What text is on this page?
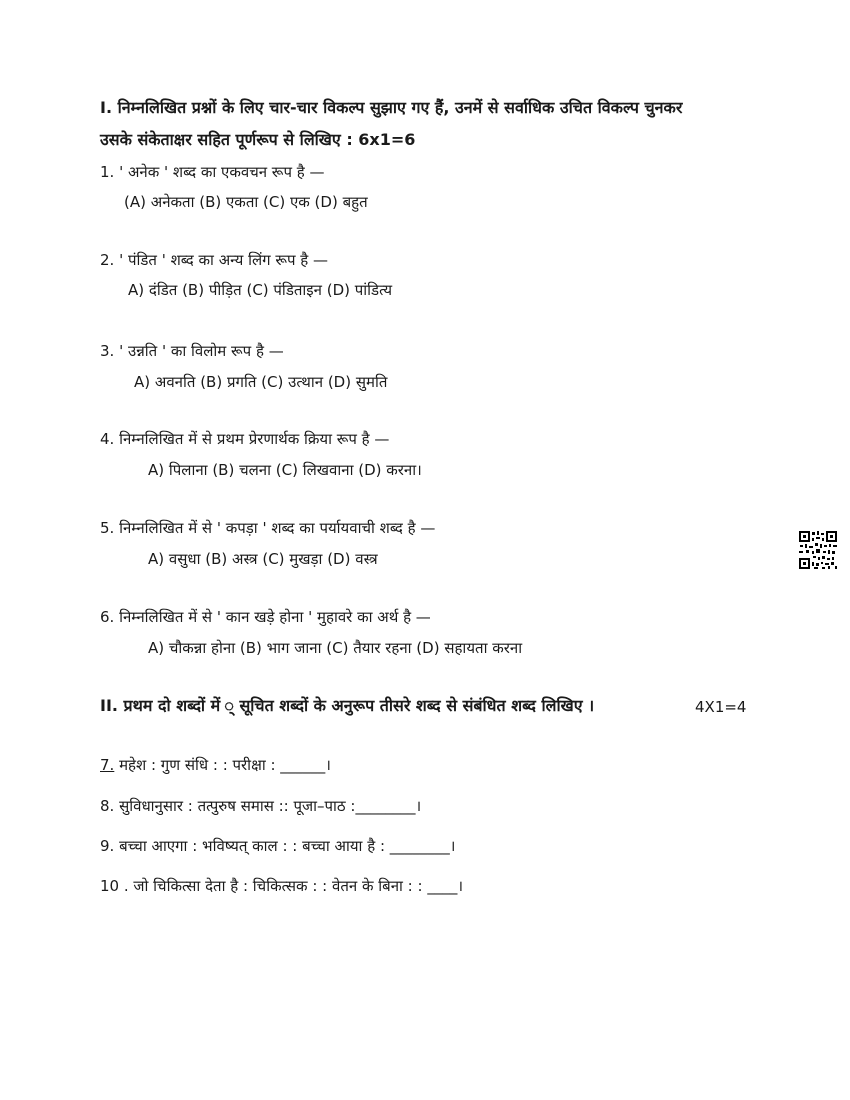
I. निम्नलिखित प्रश्नों के लिए चार-चार विकल्प सुझाए गए हैं, उनमें से सर्वाधिक उचित विकल्प चुनकर
उसके संकेताक्षर सहित पूर्णरूप से लिखिए : 6x1=6
1. ' अनेक ' शब्द का एकवचन रूप है —
(A) अनेकता (B) एकता (C) एक (D) बहुत
2. ' पंडित ' शब्द का अन्य लिंग रूप है —
A) दंडित (B) पीड़ित (C) पंडिताइन (D) पांडित्य
3. ' उन्नति ' का विलोम रूप है —
A) अवनति (B) प्रगति (C) उत्थान (D) सुमति
4. निम्नलिखित में से प्रथम प्रेरणार्थक क्रिया रूप है —
A) पिलाना (B) चलना (C) लिखवाना (D) करना।
5. निम्नलिखित में से ' कपड़ा ' शब्द का पर्यायवाची शब्द है —
A) वसुधा (B) अस्त्र (C) मुखड़ा (D) वस्त्र
6. निम्नलिखित में से ' कान खड़े होना ' मुहावरे का अर्थ है —
A) चौकन्ना होना (B) भाग जाना (C) तैयार रहना (D) सहायता करना
II. प्रथम दो शब्दों में ् सूचित शब्दों के अनुरूप तीसरे शब्द से संबंधित शब्द लिखिए ।	4X1=4
7. महेश : गुण संधि : : परीक्षा : ______।
8. सुविधानुसार : तत्पुरुष समास :: पूजा–पाठ :________।
9. बच्चा आएगा : भविष्यत् काल : : बच्चा आया है : ________।
10 . जो चिकित्सा देता है : चिकित्सक : : वेतन के बिना : : ____।
